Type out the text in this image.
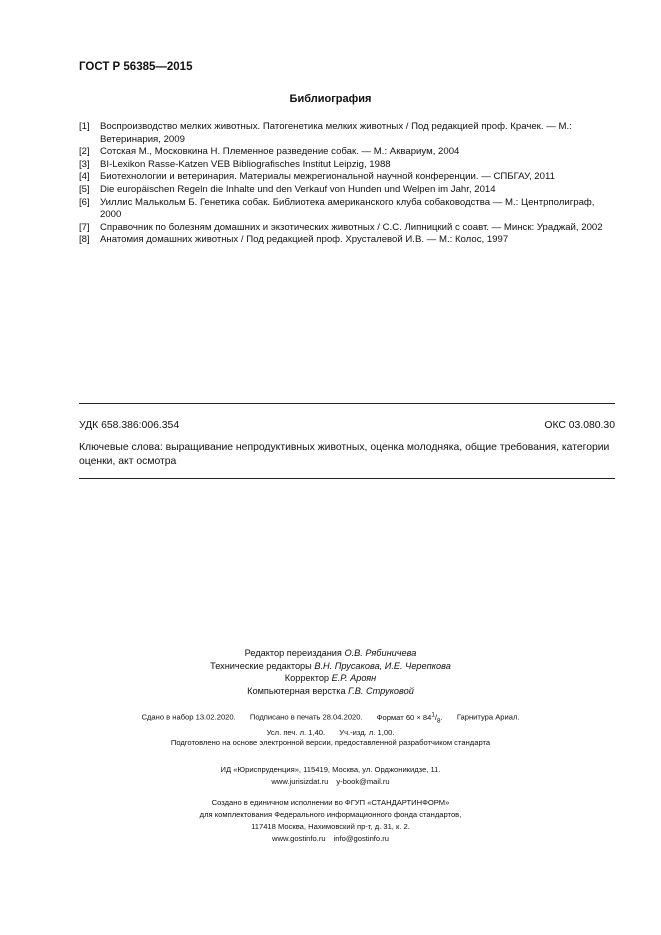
ГОСТ Р 56385—2015
Библиография
[1]	Воспроизводство мелких животных. Патогенетика мелких животных / Под редакцией проф. Крачек. — М.: Ветеринария, 2009
[2]	Сотская М., Московкина Н. Племенное разведение собак. — М.: Аквариум, 2004
[3]	BI-Lexikon Rasse-Katzen VEB Bibliografisches Institut Leipzig, 1988
[4]	Биотехнологии и ветеринария. Материалы межрегиональной научной конференции. — СПБГАУ, 2011
[5]	Die europäischen Regeln die Inhalte und den Verkauf von Hunden und Welpen im Jahr, 2014
[6]	Уиллис Малькольм Б. Генетика собак. Библиотека американского клуба собаководства — М.: Центрполиграф, 2000
[7]	Справочник по болезням домашних и экзотических животных / С.С. Липницкий с соавт. — Минск: Ураджай, 2002
[8]	Анатомия домашних животных / Под редакцией проф. Хрусталевой И.В. — М.: Колос, 1997
УДК 658.386:006.354	ОКС 03.080.30
Ключевые слова: выращивание непродуктивных животных, оценка молодняка, общие требования, категории оценки, акт осмотра
Редактор переиздания О.В. Рябиничева
Технические редакторы В.Н. Прусакова, И.Е. Черепкова
Корректор Е.Р. Ароян
Компьютерная верстка Г.В. Струковой
Сдано в набор 13.02.2020. Подписано в печать 28.04.2020. Формат $60 \times 84^1/_8$. Гарнитура Ариал.
Усл. печ. л. 1,40. Уч.-изд. л. 1,00.
Подготовлено на основе электронной версии, предоставленной разработчиком стандарта
ИД «Юриспруденция», 115419, Москва, ул. Орджоникидзе, 11.
www.jurisizdat.ru y-book@mail.ru
Создано в единичном исполнении во ФГУП «СТАНДАРТИНФОРМ»
для комплектования Федерального информационного фонда стандартов,
117418 Москва, Нахимовский пр-т, д. 31, к. 2.
www.gostinfo.ru info@gostinfo.ru
